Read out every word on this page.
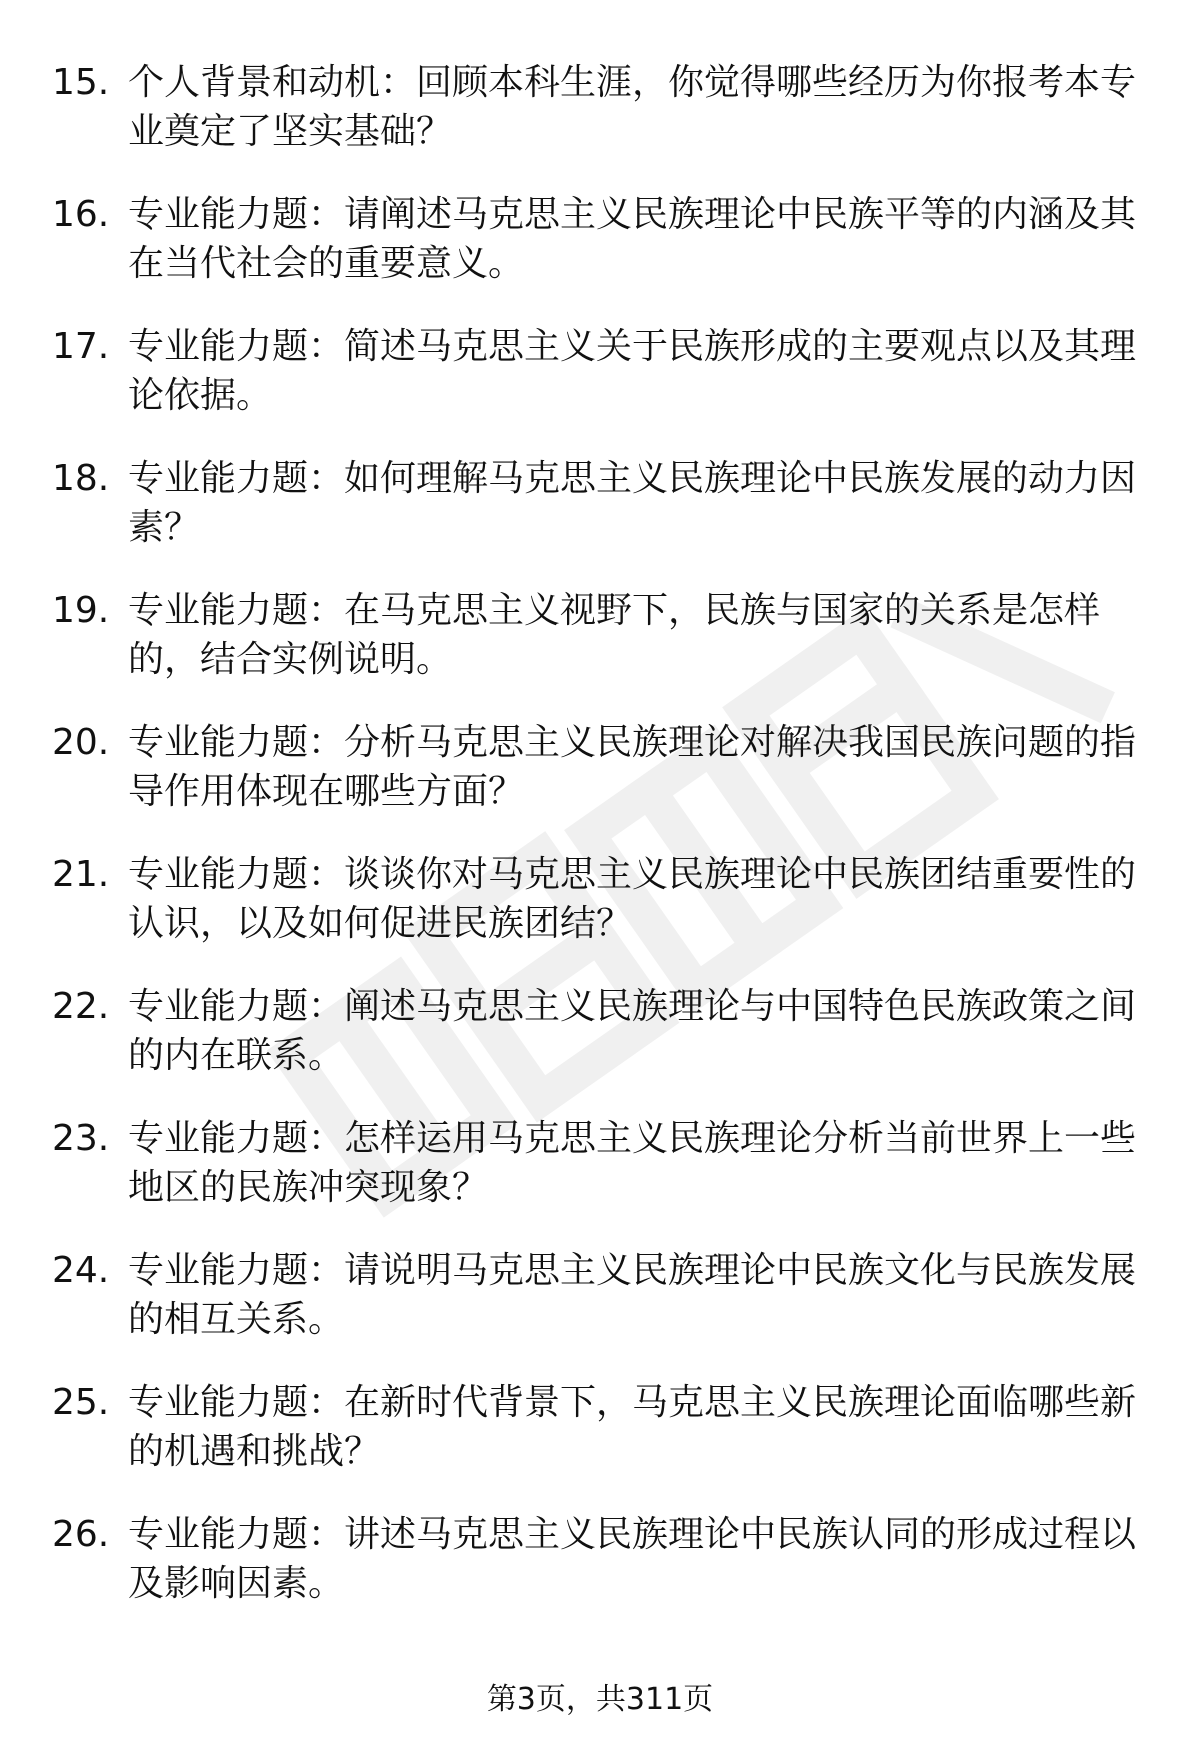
15. 个人背景和动机：回顾本科生涯，你觉得哪些经历为你报考本专业奠定了坚实基础？
16. 专业能力题：请阐述马克思主义民族理论中民族平等的内涵及其在当代社会的重要意义。
17. 专业能力题：简述马克思主义关于民族形成的主要观点以及其理论依据。
18. 专业能力题：如何理解马克思主义民族理论中民族发展的动力因素？
19. 专业能力题：在马克思主义视野下，民族与国家的关系是怎样的，结合实例说明。
20. 专业能力题：分析马克思主义民族理论对解决我国民族问题的指导作用体现在哪些方面？
21. 专业能力题：谈谈你对马克思主义民族理论中民族团结重要性的认识，以及如何促进民族团结？
22. 专业能力题：阐述马克思主义民族理论与中国特色民族政策之间的内在联系。
23. 专业能力题：怎样运用马克思主义民族理论分析当前世界上一些地区的民族冲突现象？
24. 专业能力题：请说明马克思主义民族理论中民族文化与民族发展的相互关系。
25. 专业能力题：在新时代背景下，马克思主义民族理论面临哪些新的机遇和挑战？
26. 专业能力题：讲述马克思主义民族理论中民族认同的形成过程以及影响因素。
第3页，共311页
